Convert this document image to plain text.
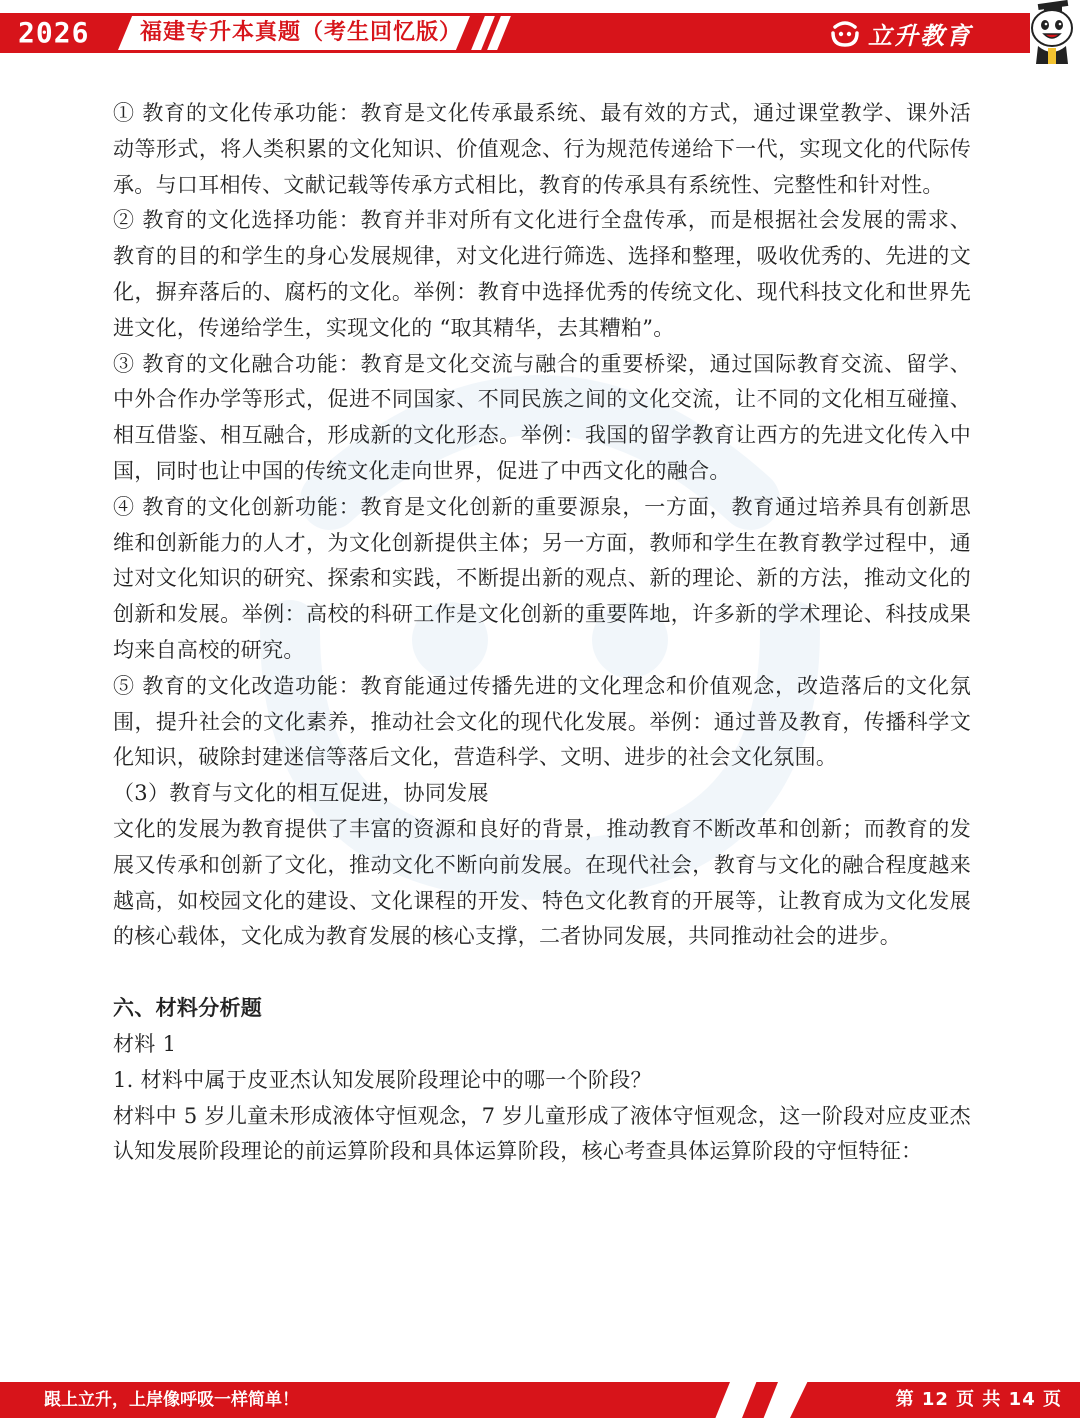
2026 福建专升本真题（考生回忆版）	立升教育

① 教育的文化传承功能：教育是文化传承最系统、最有效的方式，通过课堂教学、课外活动等形式，将人类积累的文化知识、价值观念、行为规范传递给下一代，实现文化的代际传承。与口耳相传、文献记载等传承方式相比，教育的传承具有系统性、完整性和针对性。

② 教育的文化选择功能：教育并非对所有文化进行全盘传承，而是根据社会发展的需求、教育的目的和学生的身心发展规律，对文化进行筛选、选择和整理，吸收优秀的、先进的文化，摒弃落后的、腐朽的文化。举例：教育中选择优秀的传统文化、现代科技文化和世界先进文化，传递给学生，实现文化的 “取其精华，去其糟粕”。

③ 教育的文化融合功能：教育是文化交流与融合的重要桥梁，通过国际教育交流、留学、中外合作办学等形式，促进不同国家、不同民族之间的文化交流，让不同的文化相互碰撞、相互借鉴、相互融合，形成新的文化形态。举例：我国的留学教育让西方的先进文化传入中国，同时也让中国的传统文化走向世界，促进了中西文化的融合。

④ 教育的文化创新功能：教育是文化创新的重要源泉，一方面，教育通过培养具有创新思维和创新能力的人才，为文化创新提供主体；另一方面，教师和学生在教育教学过程中，通过对文化知识的研究、探索和实践，不断提出新的观点、新的理论、新的方法，推动文化的创新和发展。举例：高校的科研工作是文化创新的重要阵地，许多新的学术理论、科技成果均来自高校的研究。

⑤ 教育的文化改造功能：教育能通过传播先进的文化理念和价值观念，改造落后的文化氛围，提升社会的文化素养，推动社会文化的现代化发展。举例：通过普及教育，传播科学文化知识，破除封建迷信等落后文化，营造科学、文明、进步的社会文化氛围。

（3）教育与文化的相互促进，协同发展

文化的发展为教育提供了丰富的资源和良好的背景，推动教育不断改革和创新；而教育的发展又传承和创新了文化，推动文化不断向前发展。在现代社会，教育与文化的融合程度越来越高，如校园文化的建设、文化课程的开发、特色文化教育的开展等，让教育成为文化发展的核心载体，文化成为教育发展的核心支撑，二者协同发展，共同推动社会的进步。

六、材料分析题

材料 1

1. 材料中属于皮亚杰认知发展阶段理论中的哪一个阶段？

材料中 5 岁儿童未形成液体守恒观念，7 岁儿童形成了液体守恒观念，这一阶段对应皮亚杰认知发展阶段理论的前运算阶段和具体运算阶段，核心考查具体运算阶段的守恒特征：

跟上立升，上岸像呼吸一样简单！	第 12 页 共 14 页
